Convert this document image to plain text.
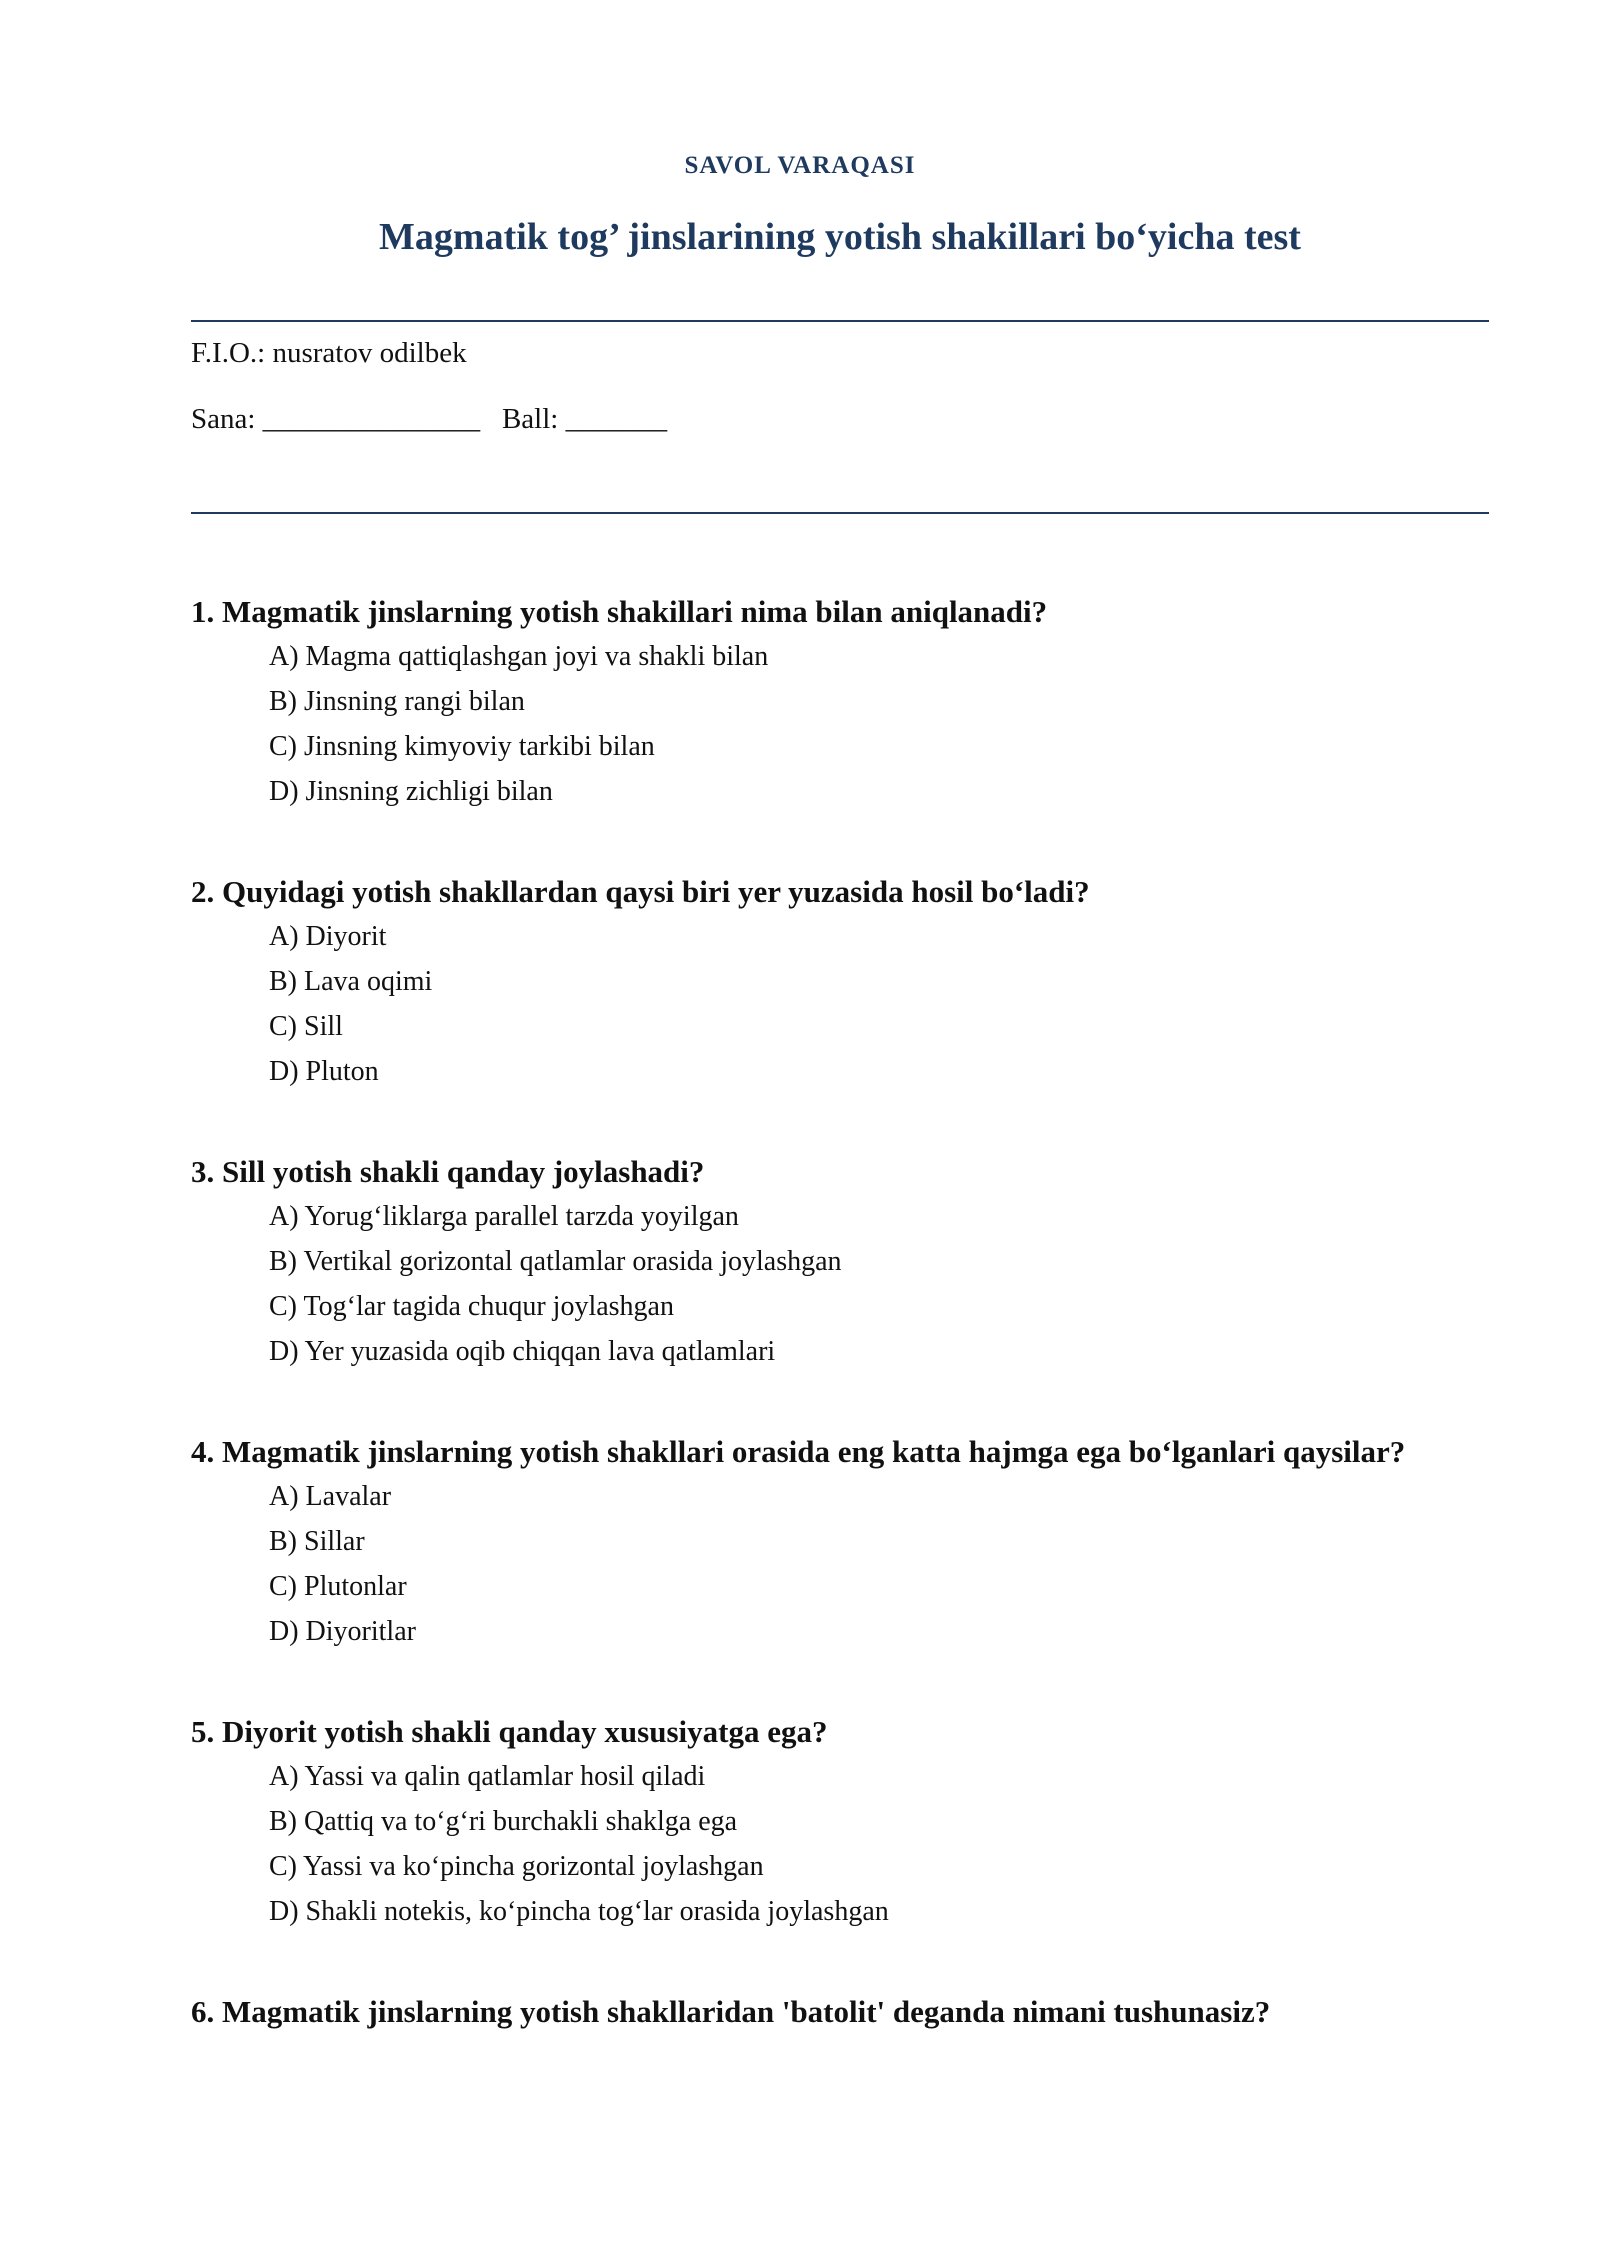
SAVOL VARAQASI
Magmatik tog’ jinslarining yotish shakillari bo‘yicha test
F.I.O.: nusratov odilbek
Sana: _______________ Ball: _______

1. Magmatik jinslarning yotish shakillari nima bilan aniqlanadi?

A) Magma qattiqlashgan joyi va shakli bilan
B) Jinsning rangi bilan
C) Jinsning kimyoviy tarkibi bilan
D) Jinsning zichligi bilan

2. Quyidagi yotish shakllardan qaysi biri yer yuzasida hosil bo‘ladi?

A) Diyorit
B) Lava oqimi
C) Sill
D) Pluton

3. Sill yotish shakli qanday joylashadi?

A) Yorug‘liklarga parallel tarzda yoyilgan
B) Vertikal gorizontal qatlamlar orasida joylashgan
C) Tog‘lar tagida chuqur joylashgan
D) Yer yuzasida oqib chiqqan lava qatlamlari

4. Magmatik jinslarning yotish shakllari orasida eng katta hajmga ega bo‘lganlari qaysilar?

A) Lavalar
B) Sillar
C) Plutonlar
D) Diyoritlar

5. Diyorit yotish shakli qanday xususiyatga ega?

A) Yassi va qalin qatlamlar hosil qiladi
B) Qattiq va to‘g‘ri burchakli shaklga ega
C) Yassi va ko‘pincha gorizontal joylashgan
D) Shakli notekis, ko‘pincha tog‘lar orasida joylashgan

6. Magmatik jinslarning yotish shakllaridan 'batolit' deganda nimani tushunasiz?
